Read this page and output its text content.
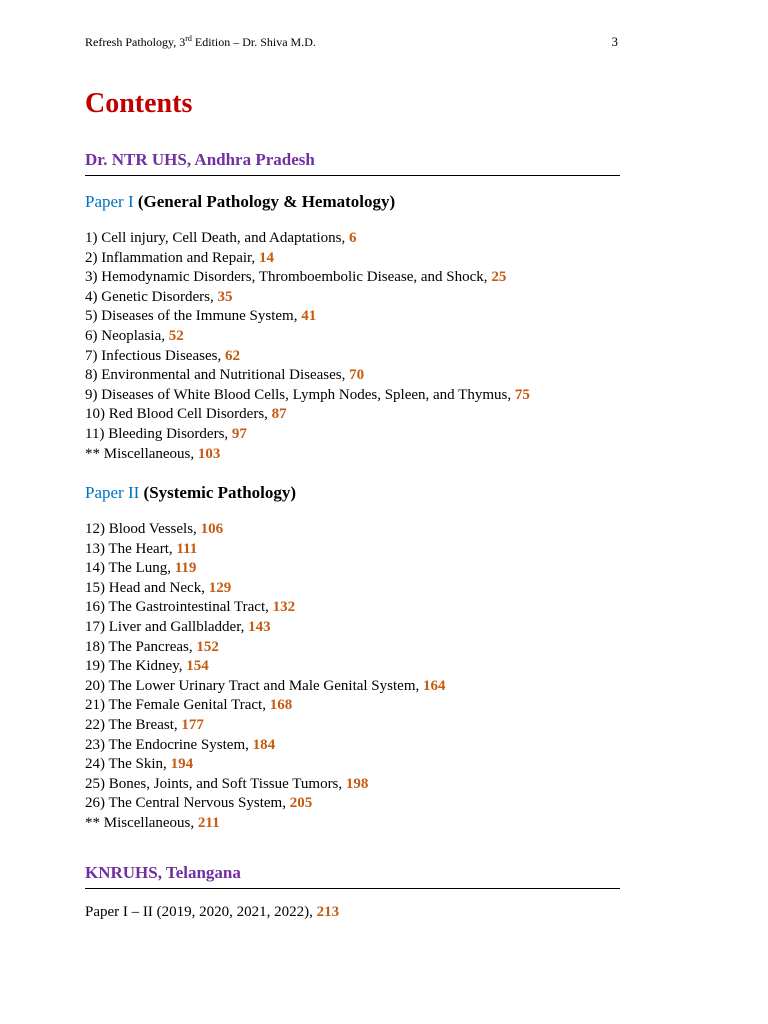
Refresh Pathology, 3rd Edition – Dr. Shiva M.D.	3
Contents
Dr. NTR UHS, Andhra Pradesh
Paper I (General Pathology & Hematology)
1) Cell injury, Cell Death, and Adaptations, 6
2) Inflammation and Repair, 14
3) Hemodynamic Disorders, Thromboembolic Disease, and Shock, 25
4) Genetic Disorders, 35
5) Diseases of the Immune System, 41
6) Neoplasia, 52
7) Infectious Diseases, 62
8) Environmental and Nutritional Diseases, 70
9) Diseases of White Blood Cells, Lymph Nodes, Spleen, and Thymus, 75
10) Red Blood Cell Disorders, 87
11) Bleeding Disorders, 97
** Miscellaneous, 103
Paper II (Systemic Pathology)
12) Blood Vessels, 106
13) The Heart, 111
14) The Lung, 119
15) Head and Neck, 129
16) The Gastrointestinal Tract, 132
17) Liver and Gallbladder, 143
18) The Pancreas, 152
19) The Kidney, 154
20) The Lower Urinary Tract and Male Genital System, 164
21) The Female Genital Tract, 168
22) The Breast, 177
23) The Endocrine System, 184
24) The Skin, 194
25) Bones, Joints, and Soft Tissue Tumors, 198
26) The Central Nervous System, 205
** Miscellaneous, 211
KNRUHS, Telangana
Paper I – II (2019, 2020, 2021, 2022), 213
